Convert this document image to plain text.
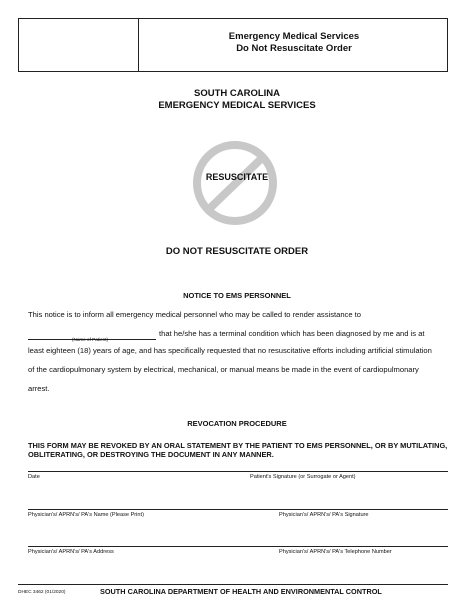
Emergency Medical Services
Do Not Resuscitate Order
SOUTH CAROLINA
EMERGENCY MEDICAL SERVICES
RESUSCITATE
DO NOT RESUSCITATE ORDER
NOTICE TO EMS PERSONNEL
This notice is to inform all emergency medical personnel who may be called to render assistance to
(Name of Patient)
that he/she has a terminal condition which has been diagnosed by me and is at
least eighteen (18) years of age, and has specifically requested that no resuscitative efforts including artificial stimulation
of the cardiopulmonary system by electrical, mechanical, or manual means be made in the event of cardiopulmonary
arrest.
REVOCATION PROCEDURE
THIS FORM MAY BE REVOKED BY AN ORAL STATEMENT BY THE PATIENT TO EMS PERSONNEL, OR BY MUTILATING, OBLITERATING, OR DESTROYING THE DOCUMENT IN ANY MANNER.
Date	Patient's Signature (or Surrogate or Agent)
Physician's/ APRN's/ PA's Name (Please Print)	Physician's/ APRN's/ PA's Signature
Physician's/ APRN's/ PA's Address	Physician's/ APRN's/ PA's Telephone Number
DHEC 3462 (01/2020)	SOUTH CAROLINA DEPARTMENT OF HEALTH AND ENVIRONMENTAL CONTROL
